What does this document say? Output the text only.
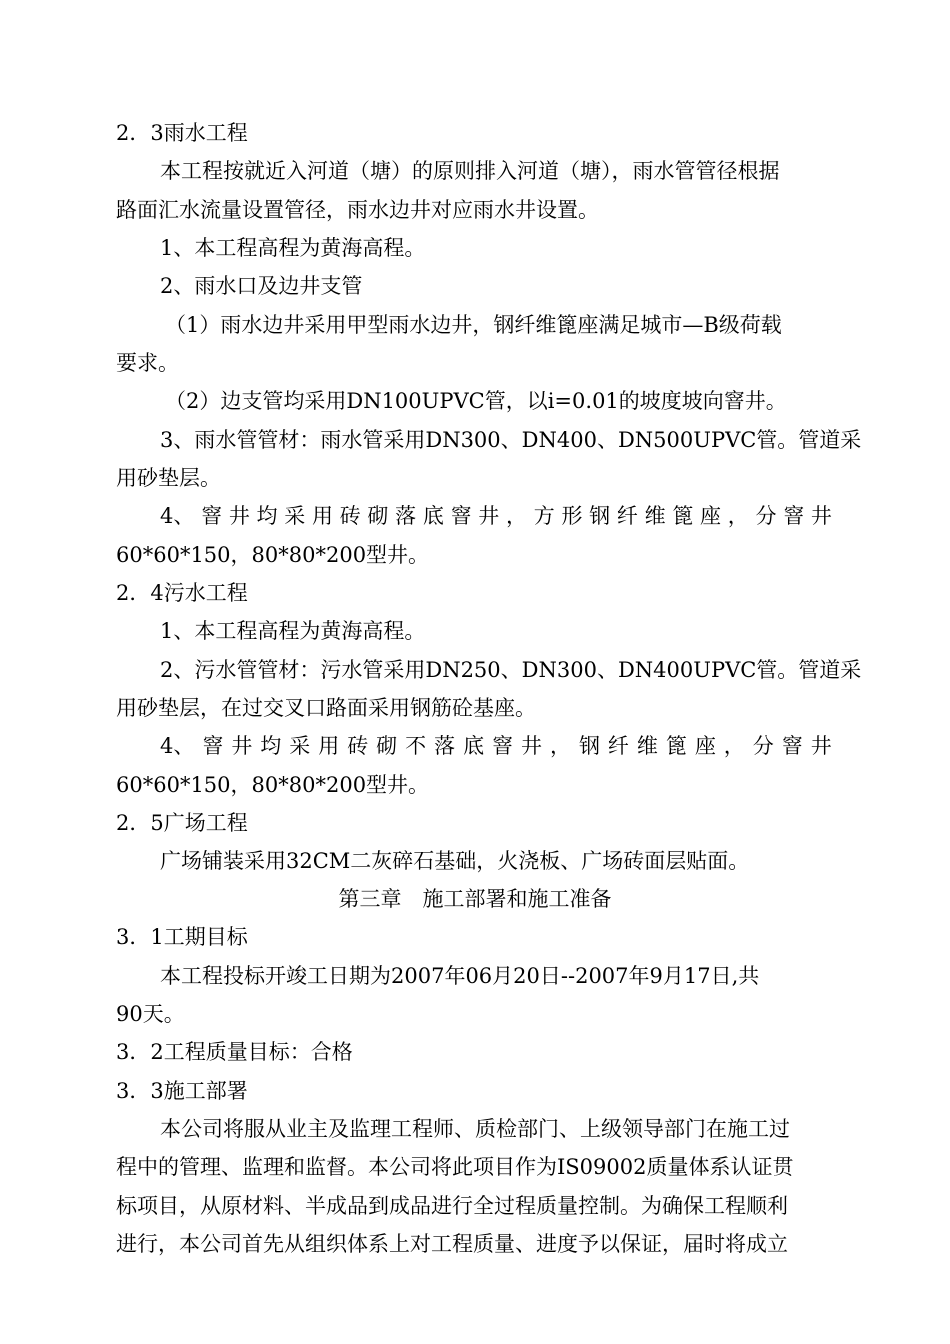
2．3雨水工程
本工程按就近入河道（塘）的原则排入河道（塘），雨水管管径根据
路面汇水流量设置管径，雨水边井对应雨水井设置。
1、本工程高程为黄海高程。
2、雨水口及边井支管
（1）雨水边井采用甲型雨水边井，钢纤维篦座满足城市—B级荷载
要求。
（2）边支管均采用DN100UPVC管，以i=0.01的坡度坡向窨井。
3、雨水管管材：雨水管采用DN300、DN400、DN500UPVC管。管道采
用砂垫层。
4、 窨 井 均 采 用 砖 砌 落 底 窨 井 ， 方 形 钢 纤 维 篦 座 ， 分 窨 井
60*60*150，80*80*200型井。
2．4污水工程
1、本工程高程为黄海高程。
2、污水管管材：污水管采用DN250、DN300、DN400UPVC管。管道采
用砂垫层，在过交叉口路面采用钢筋砼基座。
4、 窨 井 均 采 用 砖 砌 不 落 底 窨 井 ， 钢 纤 维 篦 座 ， 分 窨 井
60*60*150，80*80*200型井。
2．5广场工程
广场铺装采用32CM二灰碎石基础，火浇板、广场砖面层贴面。
第三章　施工部署和施工准备
3．1工期目标
本工程投标开竣工日期为2007年06月20日--2007年9月17日,共
90天。
3．2工程质量目标：合格
3．3施工部署
本公司将服从业主及监理工程师、质检部门、上级领导部门在施工过
程中的管理、监理和监督。本公司将此项目作为IS09002质量体系认证贯
标项目，从原材料、半成品到成品进行全过程质量控制。为确保工程顺利
进行，本公司首先从组织体系上对工程质量、进度予以保证，届时将成立
